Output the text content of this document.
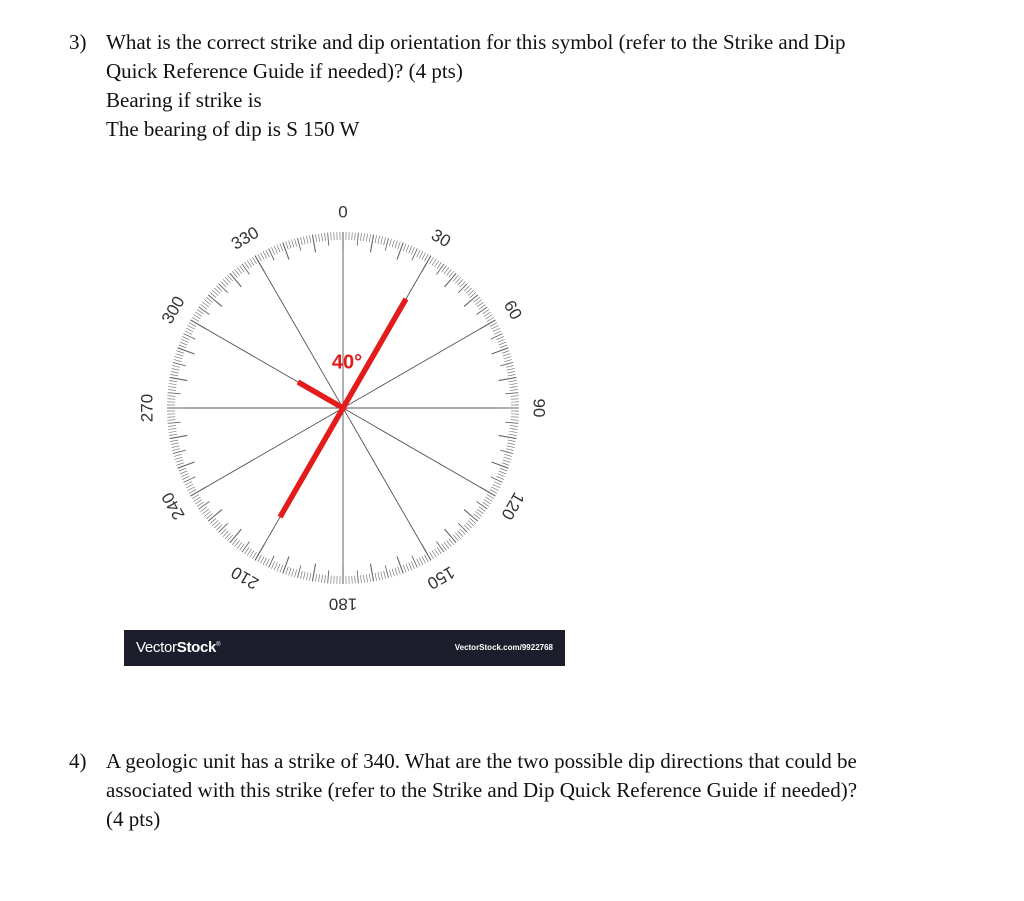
3) What is the correct strike and dip orientation for this symbol (refer to the Strike and Dip
Quick Reference Guide if needed)? (4 pts)
Bearing if strike is
The bearing of dip is S 150 W
0
30
60
90
120
150
180
210
240
270
300
330
40°
VectorStock®	VectorStock.com/9922768
4) A geologic unit has a strike of 340. What are the two possible dip directions that could be
associated with this strike (refer to the Strike and Dip Quick Reference Guide if needed)?
(4 pts)
